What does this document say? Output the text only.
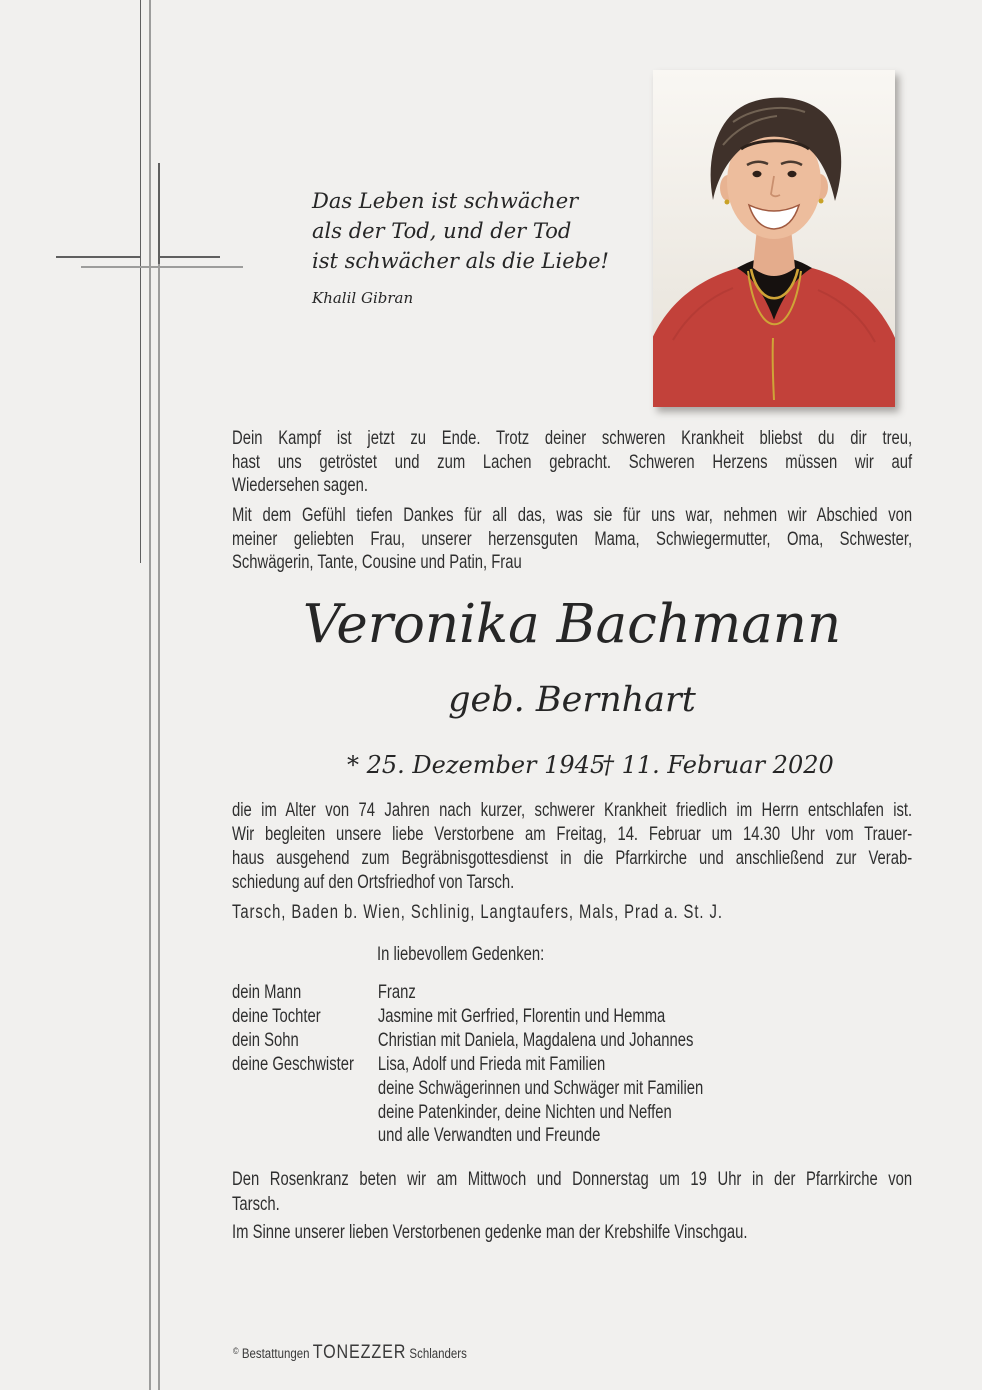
Das Leben ist schwächer
als der Tod, und der Tod
ist schwächer als die Liebe!
Khalil Gibran
Dein Kampf ist jetzt zu Ende. Trotz deiner schweren Krankheit bliebst du dir treu,
hast uns getröstet und zum Lachen gebracht. Schweren Herzens müssen wir auf
Wiedersehen sagen.
Mit dem Gefühl tiefen Dankes für all das, was sie für uns war, nehmen wir Abschied von
meiner geliebten Frau, unserer herzensguten Mama, Schwiegermutter, Oma, Schwester,
Schwägerin, Tante, Cousine und Patin, Frau
Veronika Bachmann
geb. Bernhart
* 25. Dezember 1945
† 11. Februar 2020
die im Alter von 74 Jahren nach kurzer, schwerer Krankheit friedlich im Herrn entschlafen ist.
Wir begleiten unsere liebe Verstorbene am Freitag, 14. Februar um 14.30 Uhr vom Trauer-
haus ausgehend zum Begräbnisgottesdienst in die Pfarrkirche und anschließend zur Verab-
schiedung auf den Ortsfriedhof von Tarsch.
Tarsch, Baden b. Wien, Schlinig, Langtaufers, Mals, Prad a. St. J.
In liebevollem Gedenken:
dein Mann	Franz
deine Tochter	Jasmine mit Gerfried, Florentin und Hemma
dein Sohn	Christian mit Daniela, Magdalena und Johannes
deine Geschwister Lisa, Adolf und Frieda mit Familien
deine Schwägerinnen und Schwäger mit Familien
deine Patenkinder, deine Nichten und Neffen
und alle Verwandten und Freunde
Den Rosenkranz beten wir am Mittwoch und Donnerstag um 19 Uhr in der Pfarrkirche von
Tarsch.
Im Sinne unserer lieben Verstorbenen gedenke man der Krebshilfe Vinschgau.
© Bestattungen TONEZZER Schlanders
